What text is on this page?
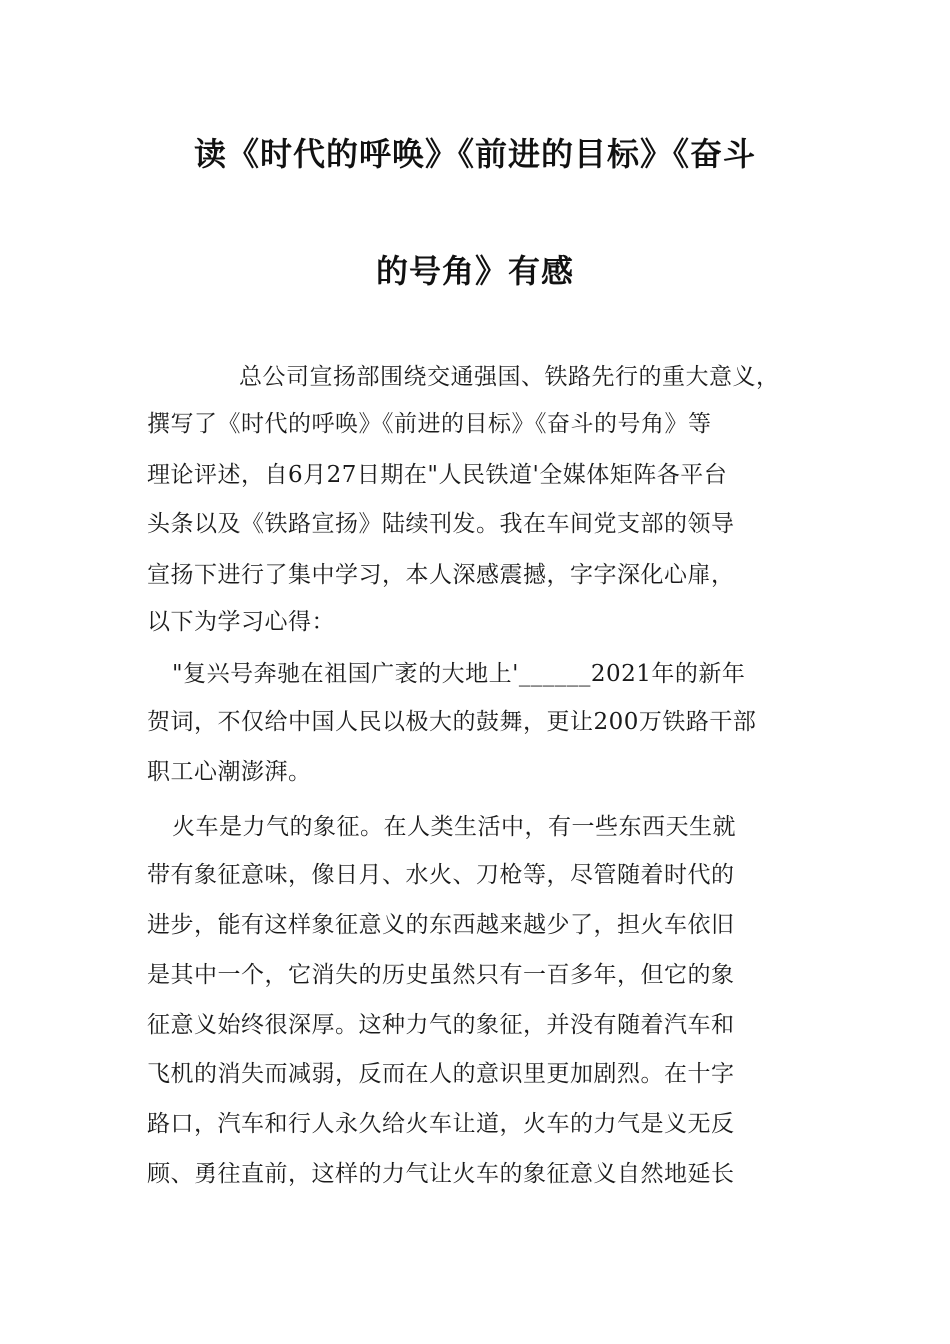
读《时代的呼唤》《前进的目标》《奋斗
的号角》有感
总公司宣扬部围绕交通强国、铁路先行的重大意义，
撰写了《时代的呼唤》《前进的目标》《奋斗的号角》等
理论评述，自6月27日期在"人民铁道'全媒体矩阵各平台
头条以及《铁路宣扬》陆续刊发。我在车间党支部的领导
宣扬下进行了集中学习，本人深感震撼，字字深化心扉，
以下为学习心得：
"复兴号奔驰在祖国广袤的大地上'______2021年的新年
贺词，不仅给中国人民以极大的鼓舞，更让200万铁路干部
职工心潮澎湃。
火车是力气的象征。在人类生活中，有一些东西天生就
带有象征意味，像日月、水火、刀枪等，尽管随着时代的
进步，能有这样象征意义的东西越来越少了，担火车依旧
是其中一个，它消失的历史虽然只有一百多年，但它的象
征意义始终很深厚。这种力气的象征，并没有随着汽车和
飞机的消失而减弱，反而在人的意识里更加剧烈。在十字
路口，汽车和行人永久给火车让道，火车的力气是义无反
顾、勇往直前，这样的力气让火车的象征意义自然地延长
